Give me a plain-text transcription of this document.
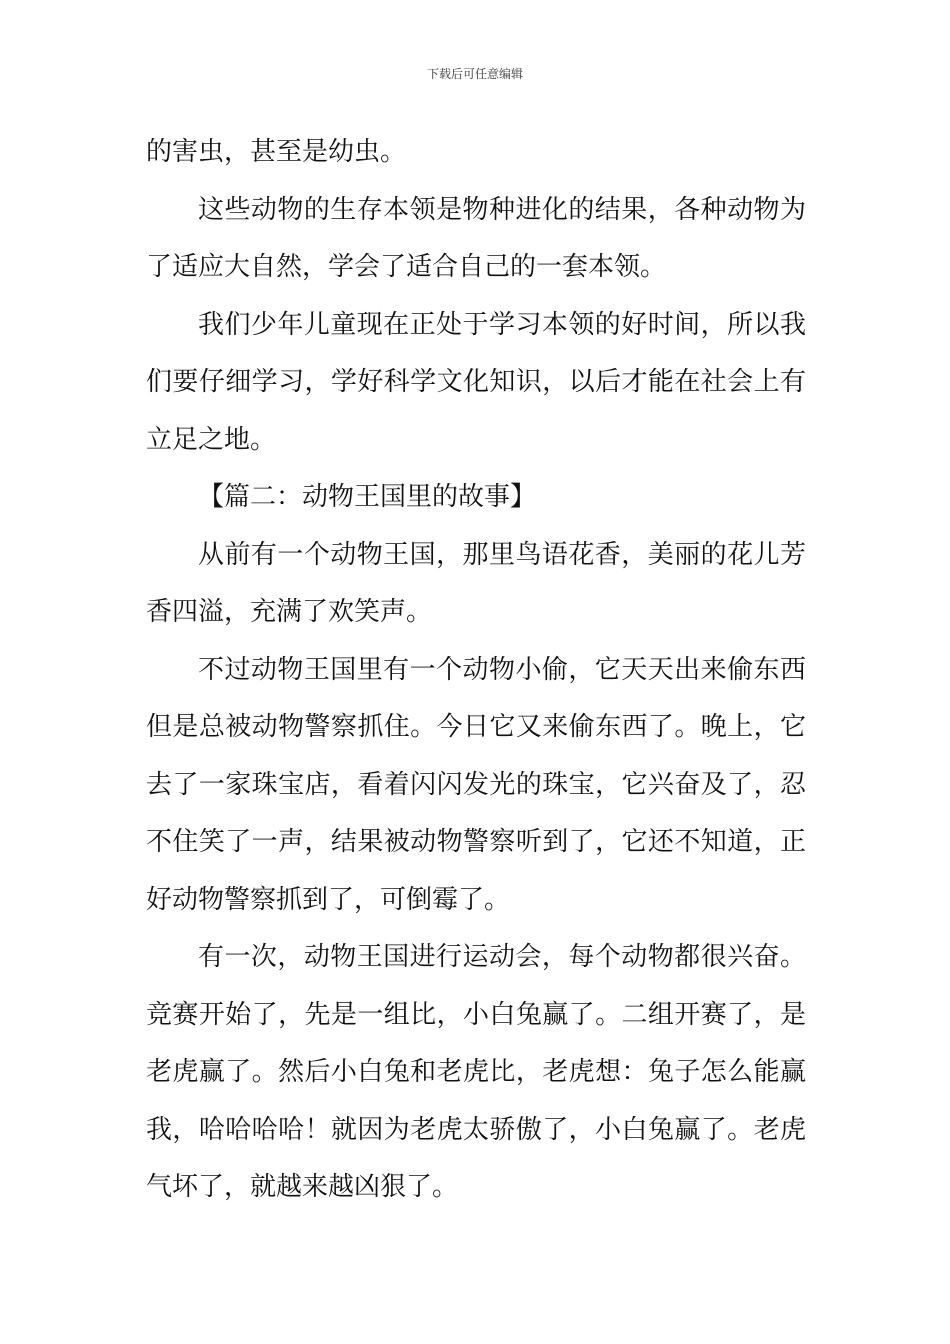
下载后可任意编辑

的害虫，甚至是幼虫。

这些动物的生存本领是物种进化的结果，各种动物为了适应大自然，学会了适合自己的一套本领。

我们少年儿童现在正处于学习本领的好时间，所以我们要仔细学习，学好科学文化知识，以后才能在社会上有立足之地。

【篇二：动物王国里的故事】

从前有一个动物王国，那里鸟语花香，美丽的花儿芳香四溢，充满了欢笑声。

不过动物王国里有一个动物小偷，它天天出来偷东西但是总被动物警察抓住。今日它又来偷东西了。晚上，它去了一家珠宝店，看着闪闪发光的珠宝，它兴奋及了，忍不住笑了一声，结果被动物警察听到了，它还不知道，正好动物警察抓到了，可倒霉了。

有一次，动物王国进行运动会，每个动物都很兴奋。竞赛开始了，先是一组比，小白兔赢了。二组开赛了，是老虎赢了。然后小白兔和老虎比，老虎想：兔子怎么能赢我，哈哈哈哈！就因为老虎太骄傲了，小白兔赢了。老虎气坏了，就越来越凶狠了。
